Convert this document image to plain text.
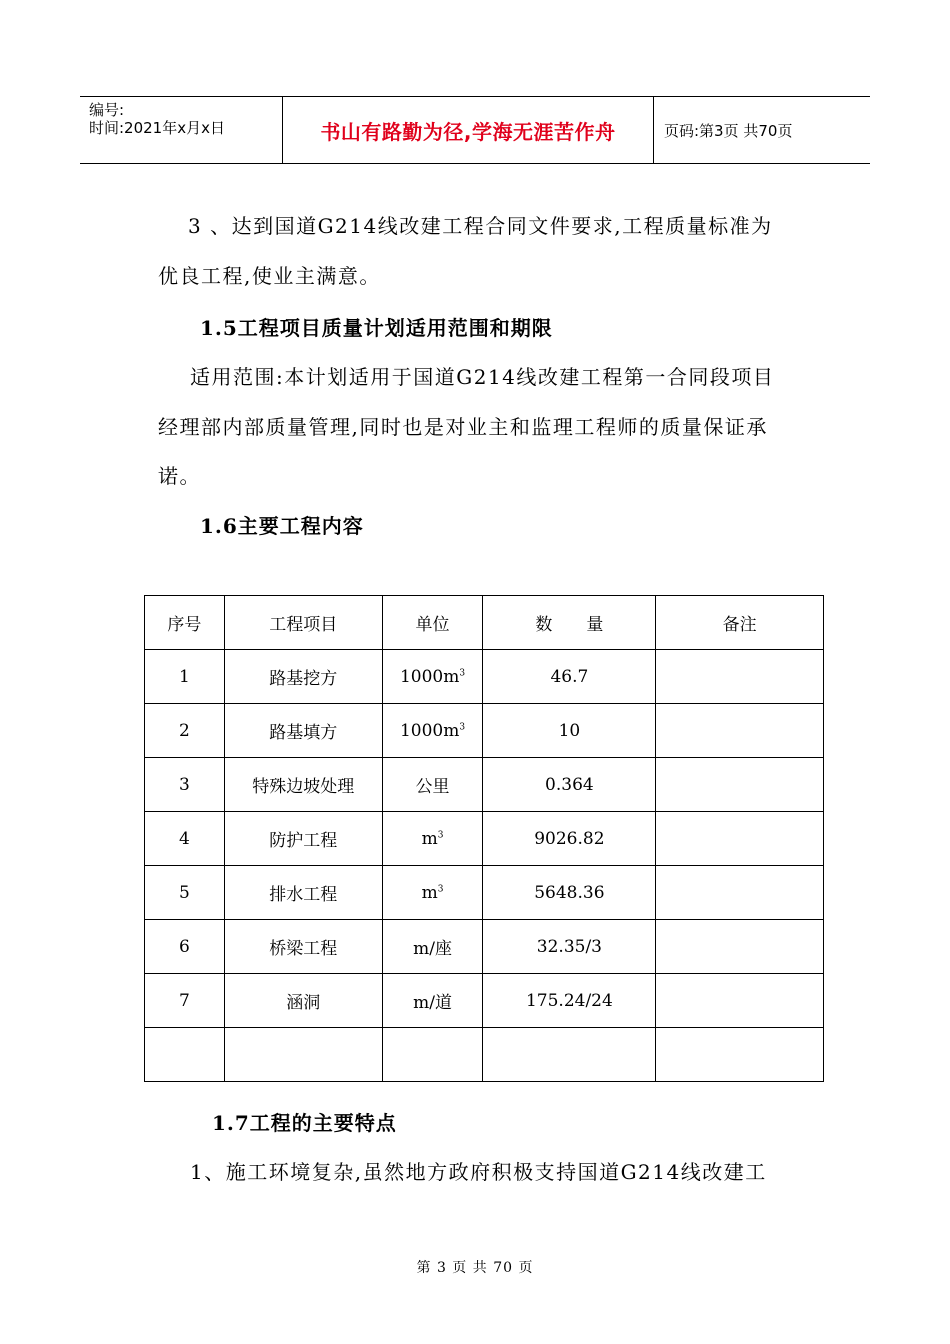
编号:
时间:2021年x月x日	书山有路勤为径,学海无涯苦作舟	页码:第3页 共70页
3 、达到国道G214线改建工程合同文件要求,工程质量标准为
优良工程,使业主满意。
1.5工程项目质量计划适用范围和期限
适用范围:本计划适用于国道G214线改建工程第一合同段项目
经理部内部质量管理,同时也是对业主和监理工程师的质量保证承
诺。
1.6主要工程内容
序号	工程项目	单位	数　　量	备注
1	路基挖方	$1000m^3$	46.7	
2	路基填方	$1000m^3$	10	
3	特殊边坡处理	公里	0.364	
4	防护工程	$m^3$	9026.82	
5	排水工程	$m^3$	5648.36	
6	桥梁工程	m/座	32.35/3	
7	涵洞	m/道	175.24/24	

1.7工程的主要特点
1、施工环境复杂,虽然地方政府积极支持国道G214线改建工
第 3 页 共 70 页
